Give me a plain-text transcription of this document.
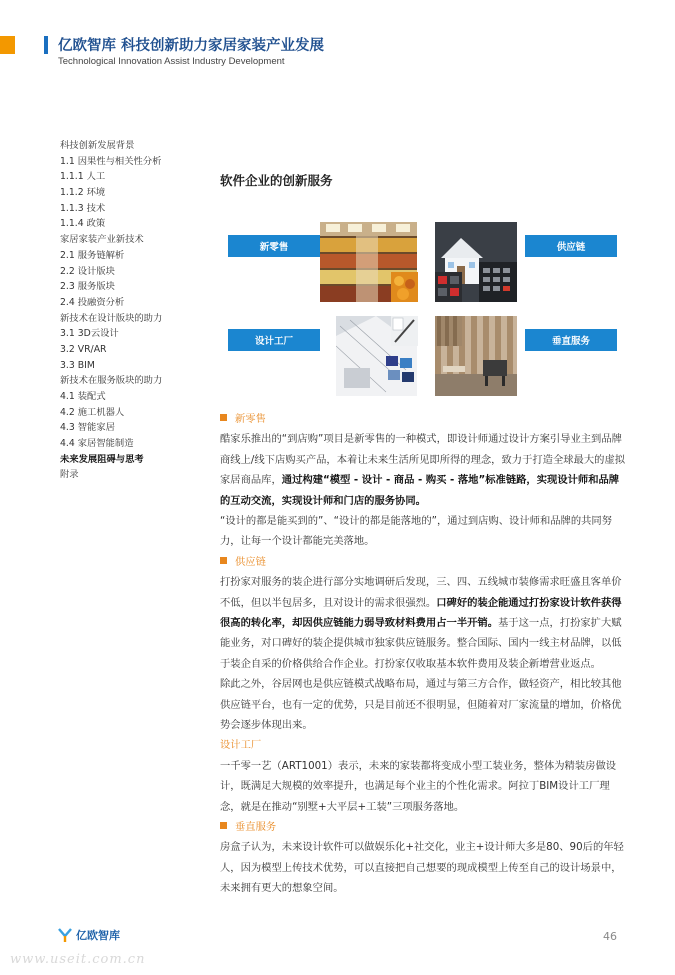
亿欧智库 科技创新助力家居家装产业发展
Technological Innovation Assist Industry Development
科技创新发展背景
1.1 因果性与相关性分析
1.1.1 人工
1.1.2 环境
1.1.3 技术
1.1.4 政策
家居家装产业新技术
2.1 服务链解析
2.2 设计版块
2.3 服务版块
2.4 投融资分析
新技术在设计版块的助力
3.1 3D云设计
3.2 VR/AR
3.3 BIM
新技术在服务版块的助力
4.1 装配式
4.2 施工机器人
4.3 智能家居
4.4 家居智能制造
未来发展阻碍与思考
附录
软件企业的创新服务
新零售	供应链
设计工厂	垂直服务
新零售

酷家乐推出的“到店购”项目是新零售的一种模式，即设计师通过设计方案引导业主到品牌商线上/线下店购买产品，本着让未来生活所见即所得的理念，致力于打造全球最大的虚拟家居商品库，通过构建“模型 - 设计 - 商品 - 购买 - 落地”标准链路，实现设计师和品牌的互动交流，实现设计师和门店的服务协同。

“设计的都是能买到的”、“设计的都是能落地的”，通过到店购、设计师和品牌的共同努力，让每一个设计都能完美落地。

供应链

打扮家对服务的装企进行部分实地调研后发现，三、四、五线城市装修需求旺盛且客单价不低，但以半包居多，且对设计的需求很强烈。口碑好的装企能通过打扮家设计软件获得很高的转化率，却因供应链能力弱导致材料费用占一半开销。基于这一点，打扮家扩大赋能业务，对口碑好的装企提供城市独家供应链服务。整合国际、国内一线主材品牌，以低于装企自采的价格供给合作企业。打扮家仅收取基本软件费用及装企新增营业返点。

除此之外，谷居网也是供应链模式战略布局，通过与第三方合作，做轻资产，相比较其他供应链平台，也有一定的优势，只是目前还不很明显，但随着对厂家流量的增加，价格优势会逐步体现出来。

设计工厂

一千零一艺（ART1001）表示，未来的家装都将变成小型工装业务，整体为精装房做设计，既满足大规模的效率提升，也满足每个业主的个性化需求。阿拉丁BIM设计工厂理念，就是在推动“别墅+大平层+工装”三项服务落地。

垂直服务

房盒子认为，未来设计软件可以做娱乐化+社交化，业主+设计师大多是80、90后的年轻人，因为模型上传技术优势，可以直接把自己想要的现成模型上传至自己的设计场景中，未来拥有更大的想象空间。

亿欧智库	46
www.useit.com.cn
